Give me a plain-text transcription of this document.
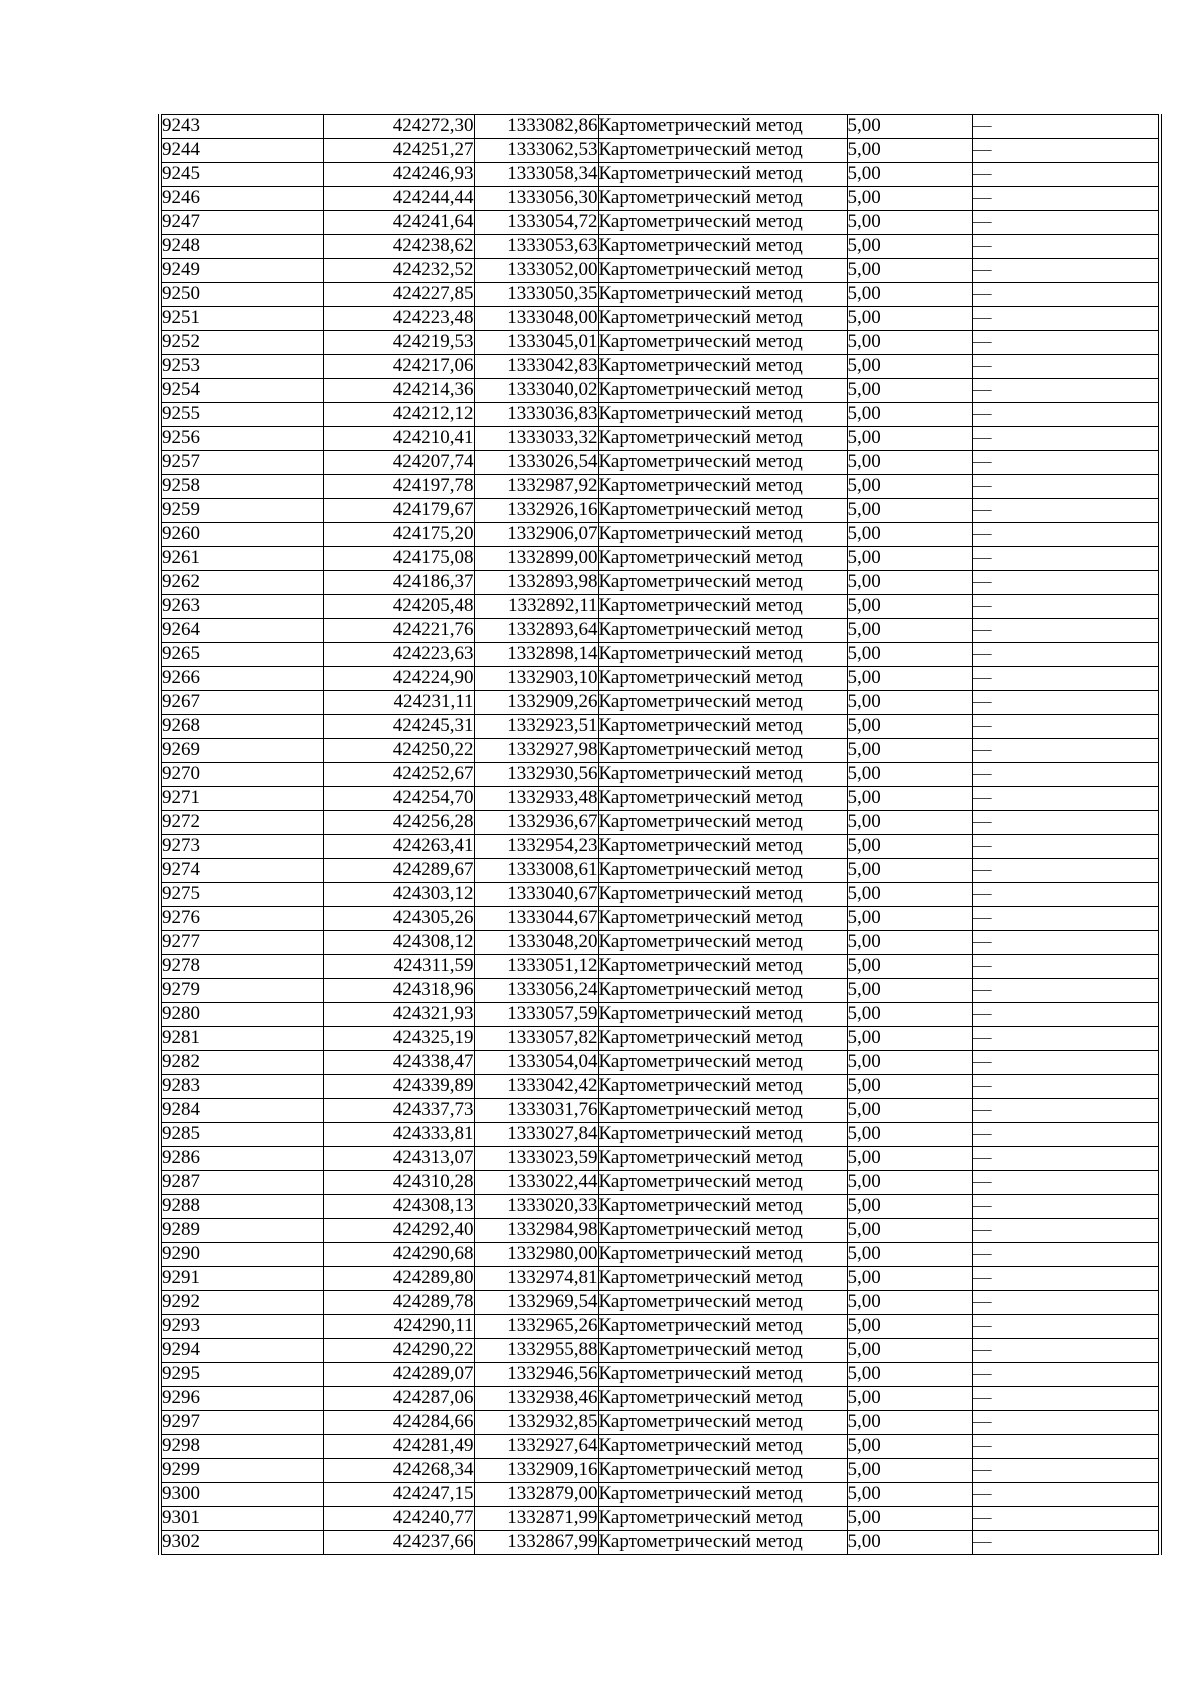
9243	424272,30	1333082,86	Картометрический метод	5,00	—
9244	424251,27	1333062,53	Картометрический метод	5,00	—
9245	424246,93	1333058,34	Картометрический метод	5,00	—
9246	424244,44	1333056,30	Картометрический метод	5,00	—
9247	424241,64	1333054,72	Картометрический метод	5,00	—
9248	424238,62	1333053,63	Картометрический метод	5,00	—
9249	424232,52	1333052,00	Картометрический метод	5,00	—
9250	424227,85	1333050,35	Картометрический метод	5,00	—
9251	424223,48	1333048,00	Картометрический метод	5,00	—
9252	424219,53	1333045,01	Картометрический метод	5,00	—
9253	424217,06	1333042,83	Картометрический метод	5,00	—
9254	424214,36	1333040,02	Картометрический метод	5,00	—
9255	424212,12	1333036,83	Картометрический метод	5,00	—
9256	424210,41	1333033,32	Картометрический метод	5,00	—
9257	424207,74	1333026,54	Картометрический метод	5,00	—
9258	424197,78	1332987,92	Картометрический метод	5,00	—
9259	424179,67	1332926,16	Картометрический метод	5,00	—
9260	424175,20	1332906,07	Картометрический метод	5,00	—
9261	424175,08	1332899,00	Картометрический метод	5,00	—
9262	424186,37	1332893,98	Картометрический метод	5,00	—
9263	424205,48	1332892,11	Картометрический метод	5,00	—
9264	424221,76	1332893,64	Картометрический метод	5,00	—
9265	424223,63	1332898,14	Картометрический метод	5,00	—
9266	424224,90	1332903,10	Картометрический метод	5,00	—
9267	424231,11	1332909,26	Картометрический метод	5,00	—
9268	424245,31	1332923,51	Картометрический метод	5,00	—
9269	424250,22	1332927,98	Картометрический метод	5,00	—
9270	424252,67	1332930,56	Картометрический метод	5,00	—
9271	424254,70	1332933,48	Картометрический метод	5,00	—
9272	424256,28	1332936,67	Картометрический метод	5,00	—
9273	424263,41	1332954,23	Картометрический метод	5,00	—
9274	424289,67	1333008,61	Картометрический метод	5,00	—
9275	424303,12	1333040,67	Картометрический метод	5,00	—
9276	424305,26	1333044,67	Картометрический метод	5,00	—
9277	424308,12	1333048,20	Картометрический метод	5,00	—
9278	424311,59	1333051,12	Картометрический метод	5,00	—
9279	424318,96	1333056,24	Картометрический метод	5,00	—
9280	424321,93	1333057,59	Картометрический метод	5,00	—
9281	424325,19	1333057,82	Картометрический метод	5,00	—
9282	424338,47	1333054,04	Картометрический метод	5,00	—
9283	424339,89	1333042,42	Картометрический метод	5,00	—
9284	424337,73	1333031,76	Картометрический метод	5,00	—
9285	424333,81	1333027,84	Картометрический метод	5,00	—
9286	424313,07	1333023,59	Картометрический метод	5,00	—
9287	424310,28	1333022,44	Картометрический метод	5,00	—
9288	424308,13	1333020,33	Картометрический метод	5,00	—
9289	424292,40	1332984,98	Картометрический метод	5,00	—
9290	424290,68	1332980,00	Картометрический метод	5,00	—
9291	424289,80	1332974,81	Картометрический метод	5,00	—
9292	424289,78	1332969,54	Картометрический метод	5,00	—
9293	424290,11	1332965,26	Картометрический метод	5,00	—
9294	424290,22	1332955,88	Картометрический метод	5,00	—
9295	424289,07	1332946,56	Картометрический метод	5,00	—
9296	424287,06	1332938,46	Картометрический метод	5,00	—
9297	424284,66	1332932,85	Картометрический метод	5,00	—
9298	424281,49	1332927,64	Картометрический метод	5,00	—
9299	424268,34	1332909,16	Картометрический метод	5,00	—
9300	424247,15	1332879,00	Картометрический метод	5,00	—
9301	424240,77	1332871,99	Картометрический метод	5,00	—
9302	424237,66	1332867,99	Картометрический метод	5,00	—
